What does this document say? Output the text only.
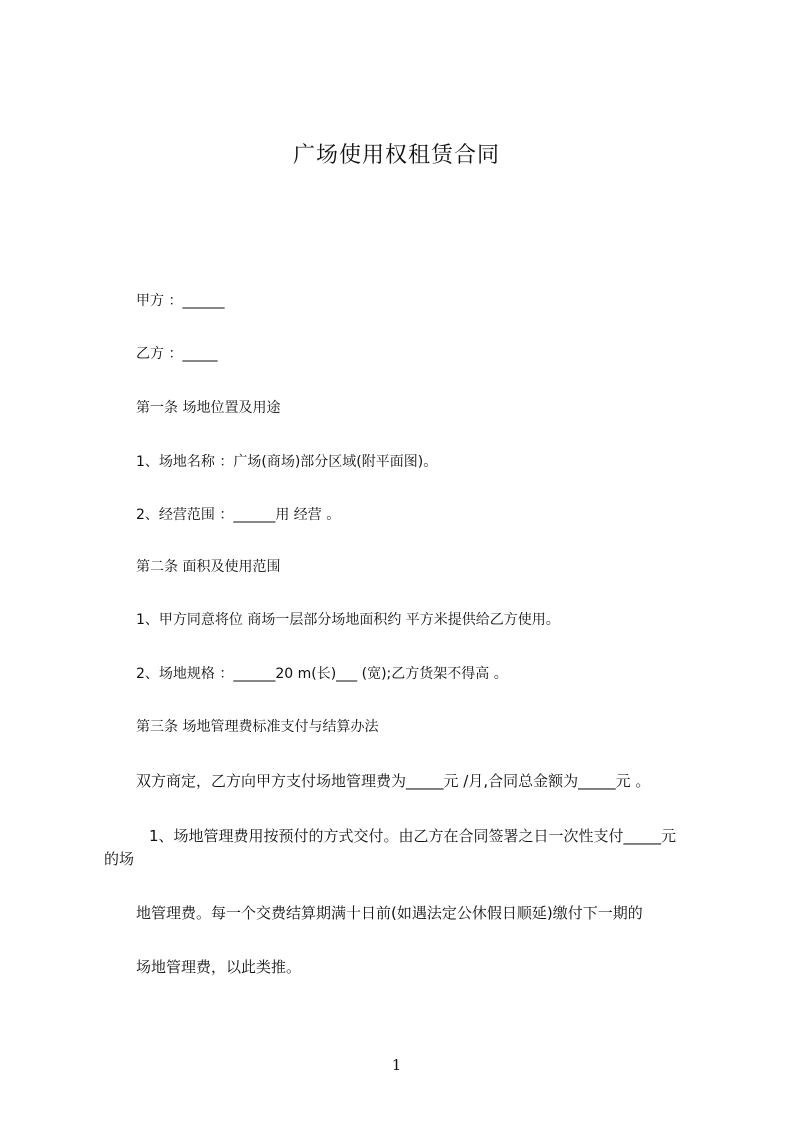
广场使用权租赁合同
甲方 ：______
乙方 ：_____
第一条 场地位置及用途
1、场地名称 ：广场(商场)部分区域(附平面图)。
2、经营范围 ：______用 经营 。
第二条 面积及使用范围
1、甲方同意将位 商场一层部分场地面积约 平方米提供给乙方使用。
2、场地规格 ：______20 m(长)___ (宽);乙方货架不得高 。
第三条 场地管理费标准支付与结算办法
双方商定，乙方向甲方支付场地管理费为_____元 /月,合同总金额为_____元 。
1、场地管理费用按预付的方式交付。由乙方在合同签署之日一次性支付_____元
的场
地管理费。每一个交费结算期满十日前(如遇法定公休假日顺延)缴付下一期的
场地管理费，以此类推。
1
